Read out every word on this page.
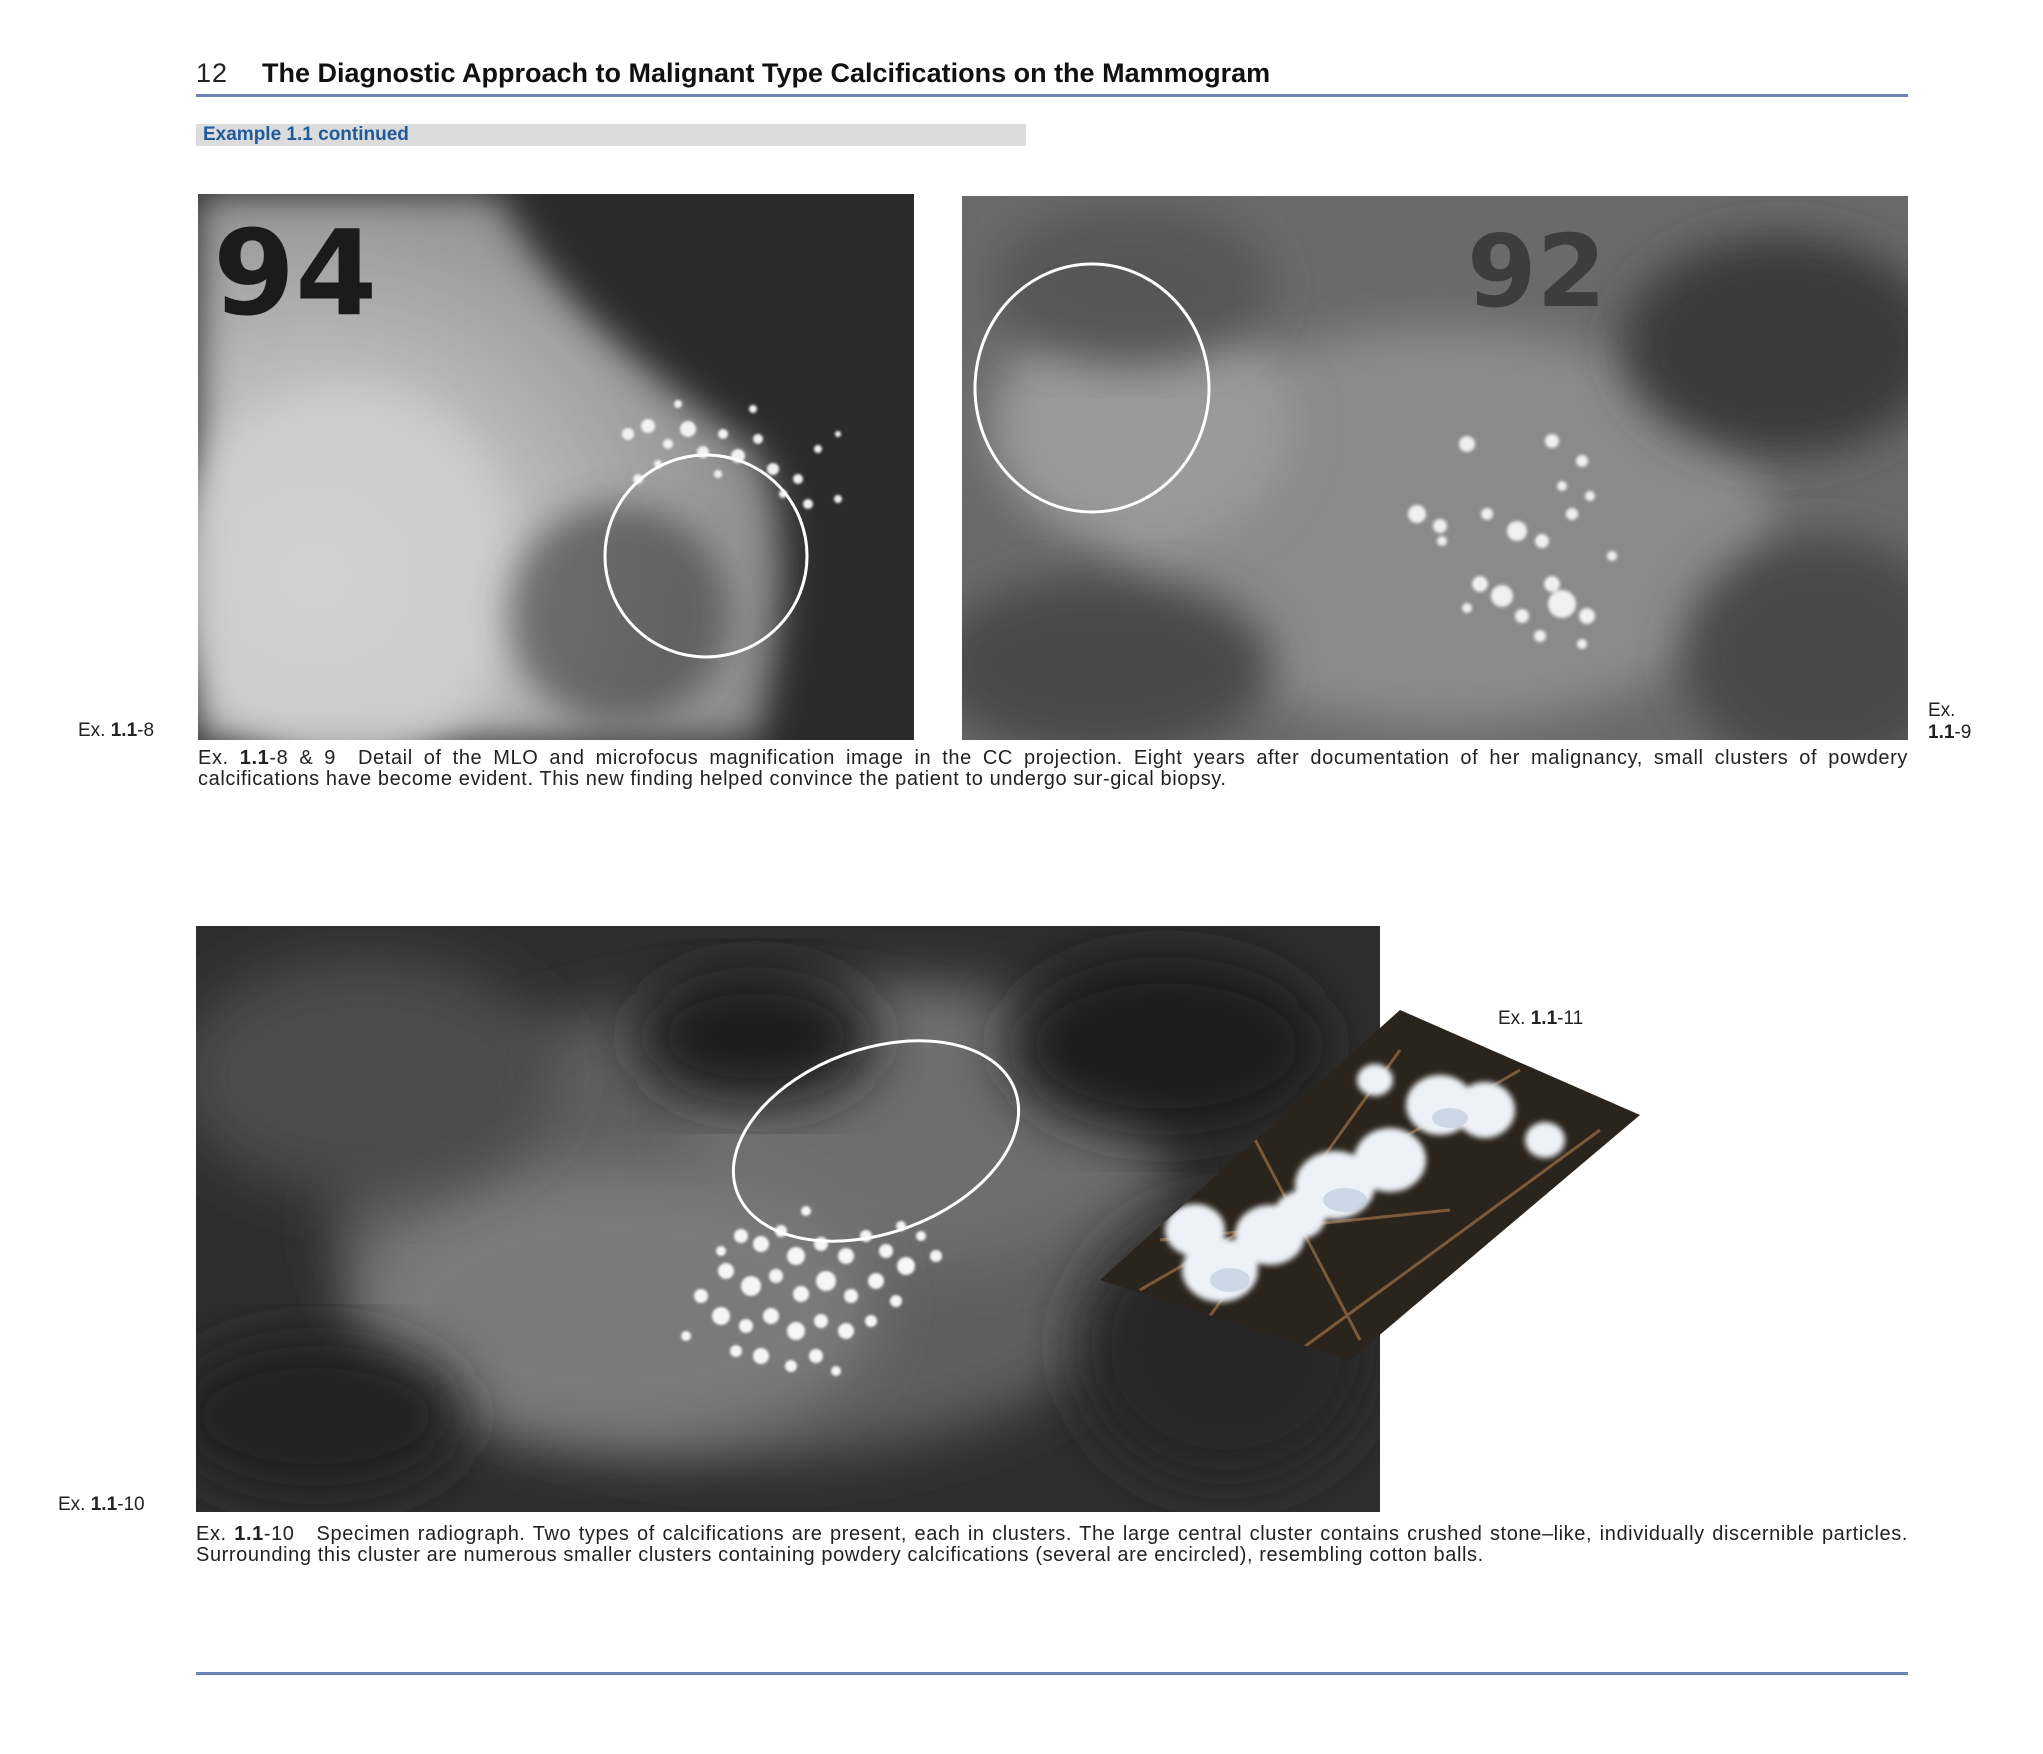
12 The Diagnostic Approach to Malignant Type Calcifications on the Mammogram
Example 1.1 continued
94
Ex. 1.1-8
92
Ex.
1.1-9
Ex. 1.1-8 & 9 Detail of the MLO and microfocus magnification image in the CC projection. Eight years after documentation of her malignancy, small clusters of powdery calcifications have become evident. This new finding helped convince the patient to undergo sur-gical biopsy.
Ex. 1.1-10
Ex. 1.1-11
Ex. 1.1-10 Specimen radiograph. Two types of calcifications are present, each in clusters. The large central cluster contains crushed stone–like, individually discernible particles. Surrounding this cluster are numerous smaller clusters containing powdery calcifications (several are encircled), resembling cotton balls.
